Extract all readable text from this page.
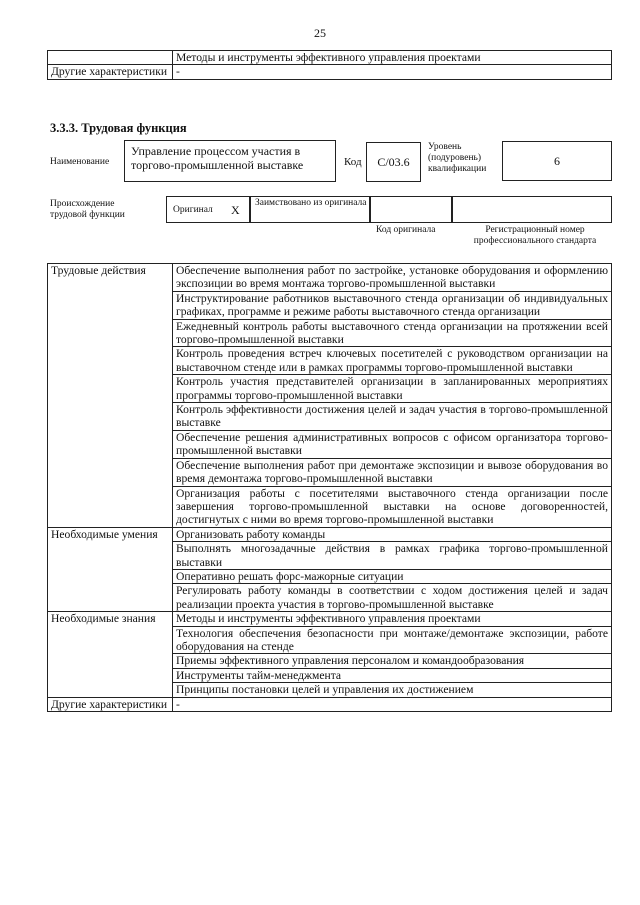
25
	Методы и инструменты эффективного управления проектами
Другие характеристики	-
3.3.3. Трудовая функция
Наименование
Управление процессом участия в торгово-промышленной выставке	Код	С/03.6
Уровень (подуровень) квалификации
6
Происхождение трудовой функции	Оригинал X Заимствовано из оригинала
Код оригинала	Регистрационный номер профессионального стандарта
Трудовые действия	Обеспечение выполнения работ по застройке, установке оборудования и оформлению экспозиции во время монтажа торгово-промышленной выставки
	Инструктирование работников выставочного стенда организации об индивидуальных графиках, программе и режиме работы выставочного стенда организации
	Ежедневный контроль работы выставочного стенда организации на протяжении всей торгово-промышленной выставки
	Контроль проведения встреч ключевых посетителей с руководством организации на выставочном стенде или в рамках программы торгово-промышленной выставки
	Контроль участия представителей организации в запланированных мероприятиях программы торгово-промышленной выставки
	Контроль эффективности достижения целей и задач участия в торгово-промышленной выставке
	Обеспечение решения административных вопросов с офисом организатора торгово-промышленной выставки
	Обеспечение выполнения работ при демонтаже экспозиции и вывозе оборудования во время демонтажа торгово-промышленной выставки
	Организация работы с посетителями выставочного стенда организации после завершения торгово-промышленной выставки на основе договоренностей, достигнутых с ними во время торгово-промышленной выставки
Необходимые умения	Организовать работу команды
	Выполнять многозадачные действия в рамках графика торгово-промышленной выставки
	Оперативно решать форс-мажорные ситуации
	Регулировать работу команды в соответствии с ходом достижения целей и задач реализации проекта участия в торгово-промышленной выставке
Необходимые знания	Методы и инструменты эффективного управления проектами
	Технология обеспечения безопасности при монтаже/демонтаже экспозиции, работе оборудования на стенде
	Приемы эффективного управления персоналом и командообразования
	Инструменты тайм-менеджмента
	Принципы постановки целей и управления их достижением
Другие характеристики	-
